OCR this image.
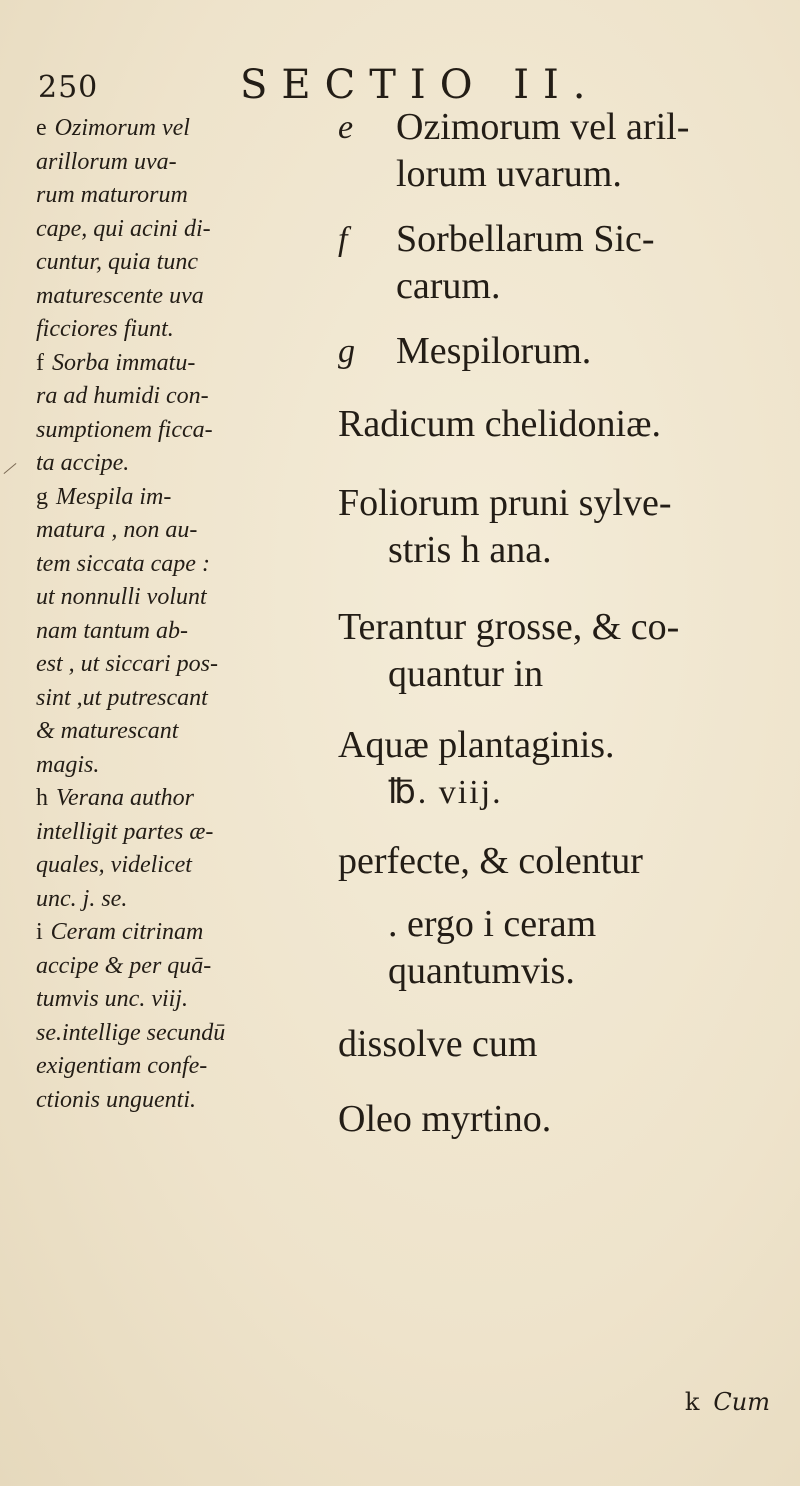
250	SECTIO II.
e Ozimorum vel
arillorum uva-
rum maturorum
cape, qui acini di-
cuntur, quia tunc
maturescente uva
ficciores fiunt.
f Sorba immatu-
ra ad humidi con-
sumptionem ficca-
ta accipe.
g Mespila im-
matura , non au-
tem siccata cape :
ut nonnulli volunt
nam tantum ab-
est , ut siccari pos-
sint ,ut putrescant
& maturescant
magis.
h Verana author
intelligit partes æ-
quales, videlicet
unc. j. se.
i Ceram citrinam
accipe & per quā-
tumvis unc. viij.
se.intellige secundū
exigentiam confe-
ctionis unguenti.
e Ozimorum vel aril-
lorum uvarum.
f Sorbellarum Sic-
carum.
g Mespilorum.
Radicum chelidoniæ.
Foliorum pruni sylve-
stris h ana.
Terantur grosse, & co-
quantur in
Aquæ plantaginis.
℔. viij.
perfecte, & colentur
. ergo i ceram
quantumvis.
dissolve cum
Oleo myrtino.
k Cum
